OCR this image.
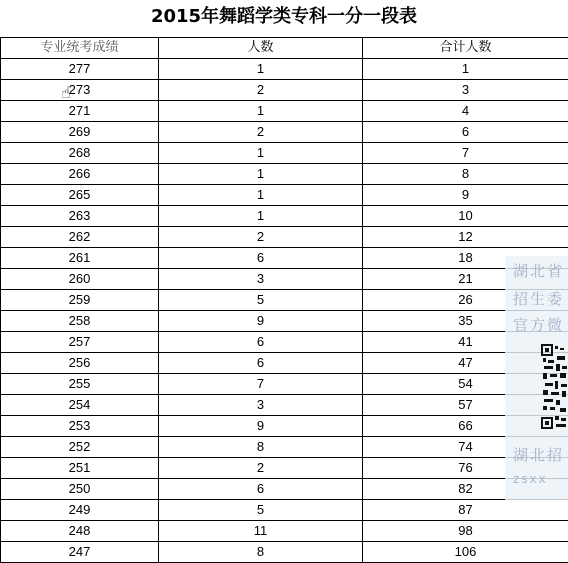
2015年舞蹈学类专科一分一段表
专业统考成绩	人数	合计人数
277	1	1
273	2	3
271	1	4
269	2	6
268	1	7
266	1	8
265	1	9
263	1	10
262	2	12
261	6	18
260	3	21
259	5	26
258	9	35
257	6	41
256	6	47
255	7	54
254	3	57
253	9	66
252	8	74
251	2	76
250	6	82
249	5	87
248	11	98
247	8	106
☝
湖北省
招生委
官方微
湖北招
zsxx
